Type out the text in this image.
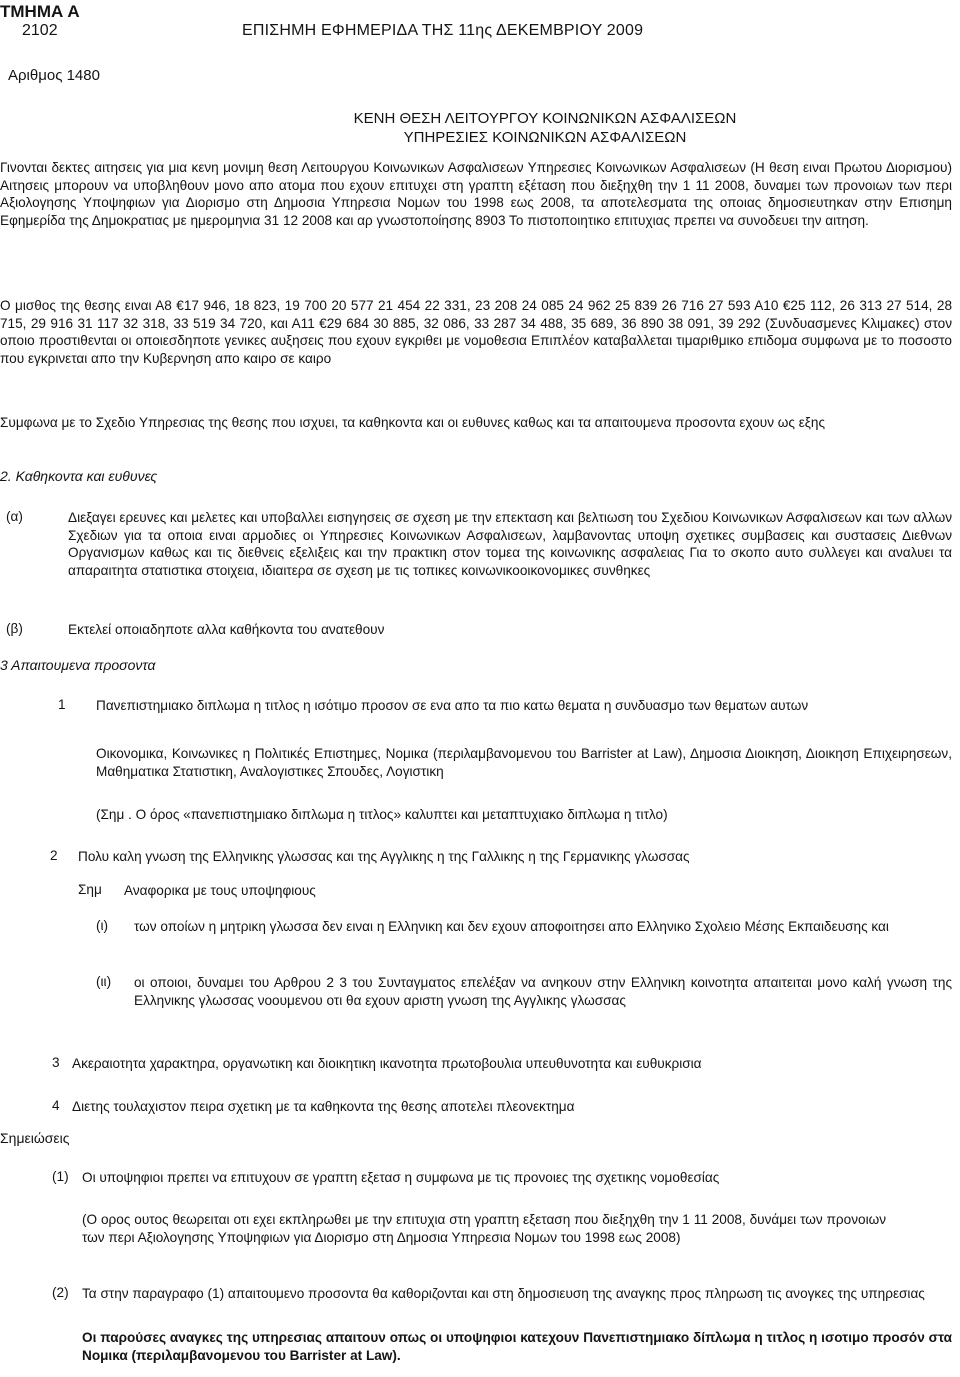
ΤΜΗΜΑ Α
2102	ΕΠΙΣΗΜΗ ΕΦΗΜΕΡΙΔΑ ΤΗΣ 11ης ΔΕΚΕΜΒΡΙΟΥ 2009
Αριθμος 1480
ΚΕΝΗ ΘΕΣΗ ΛΕΙΤΟΥΡΓΟΥ ΚΟΙΝΩΝΙΚΩΝ ΑΣΦΑΛΙΣΕΩΝ
ΥΠΗΡΕΣΙΕΣ ΚΟΙΝΩΝΙΚΩΝ ΑΣΦΑΛΙΣΕΩΝ
Γινονται δεκτες αιτησεις για μια κενη μονιμη θεση Λειτουργου Κοινωνικων Ασφαλισεων Υπηρεσιες Κοινωνικων Ασφαλισεων (Η θεση ειναι Πρωτου Διορισμου) Αιτησεις μπορουν να υποβληθουν μονο απο ατομα που εχουν επιτυχει στη γραπτη εξέταση που διεξηχθη την 1 11 2008, δυναμει των προνοιων των περι Αξιολογησης Υποψηφιων για Διορισμο στη Δημοσια Υπηρεσια Νομων του 1998 εως 2008, τα αποτελεσματα της οποιας δημοσιευτηκαν στην Επισημη Εφημερίδα της Δημοκρατιας με ημερομηνια 31 12 2008 και αρ γνωστοποίησης 8903 Το πιστοποιητικο επιτυχιας πρεπει να συνοδευει την αιτηση.
Ο μισθος της θεσης ειναι Α8 €17 946, 18 823, 19 700 20 577 21 454 22 331, 23 208 24 085 24 962 25 839 26 716 27 593 Α10 €25 112, 26 313 27 514, 28 715, 29 916 31 117 32 318, 33 519 34 720, και Α11 €29 684 30 885, 32 086, 33 287 34 488, 35 689, 36 890 38 091, 39 292 (Συνδυασμενες Κλιμακες) στον οποιο προστιθενται οι οποιεσδηποτε γενικες αυξησεις που εχουν εγκριθει με νομοθεσια Επιπλέον καταβαλλεται τιμαριθμικο επιδομα συμφωνα με το ποσοστο που εγκρινεται απο την Κυβερνηση απο καιρο σε καιρο
Συμφωνα με το Σχεδιο Υπηρεσιας της θεσης που ισχυει, τα καθηκοντα και οι ευθυνες καθως και τα απαιτουμενα προσοντα εχουν ως εξης
2. Καθηκοντα και ευθυνες
(α)	Διεξαγει ερευνες και μελετες και υποβαλλει εισηγησεις σε σχεση με την επεκταση και βελτιωση του Σχεδιου Κοινωνικων Ασφαλισεων και των αλλων Σχεδιων για τα οποια ειναι αρμοδιες οι Υπηρεσιες Κοινωνικων Ασφαλισεων, λαμβανοντας υποψη σχετικες συμβασεις και συστασεις Διεθνων Οργανισμων καθως και τις διεθνεις εξελιξεις και την πρακτικη στον τομεα της κοινωνικης ασφαλειας Για το σκοπο αυτο συλλεγει και αναλυει τα απαραιτητα στατιστικα στοιχεια, ιδιαιτερα σε σχεση με τις τοπικες κοινωνικοοικονομικες συνθηκες
(β)	Εκτελεί οποιαδηποτε αλλα καθήκοντα του ανατεθουν
3 Απαιτουμενα προσοντα
1 Πανεπιστημιακο διπλωμα η τιτλος η ισότιμο προσον σε ενα απο τα πιο κατω θεματα η συνδυασμο των θεματων αυτων
Οικονομικα, Κοινωνικες η Πολιτικές Επιστημες, Νομικα (περιλαμβανομενου του Barrister at Law), Δημοσια Διοικηση, Διοικηση Επιχειρησεων, Μαθηματικα Στατιστικη, Αναλογιστικες Σπουδες, Λογιστικη
(Σημ . Ο όρος «πανεπιστημιακο διπλωμα η τιτλος» καλυπτει και μεταπτυχιακο διπλωμα η τιτλο)
2 Πολυ καλη γνωση της Ελληνικης γλωσσας και της Αγγλικης η της Γαλλικης η της Γερμανικης γλωσσας
Σημ Αναφορικα με τους υποψηφιους
(ι) των οποίων η μητρικη γλωσσα δεν ειναι η Ελληνικη και δεν εχουν αποφοιτησει απο Ελληνικο Σχολειο Μέσης Εκπαιδευσης και
(ιι) οι οποιοι, δυναμει του Αρθρου 2 3 του Συνταγματος επελέξαν να ανηκουν στην Ελληνικη κοινοτητα απαιτειται μονο καλή γνωση της Ελληνικης γλωσσας νοουμενου οτι θα εχουν αριστη γνωση της Αγγλικης γλωσσας
3 Ακεραιοτητα χαρακτηρα, οργανωτικη και διοικητικη ικανοτητα πρωτοβουλια υπευθυνοτητα και ευθυκρισια
4 Διετης τουλαχιστον πειρα σχετικη με τα καθηκοντα της θεσης αποτελει πλεονεκτημα
Σημειώσεις
(1) Οι υποψηφιοι πρεπει να επιτυχουν σε γραπτη εξετασ η συμφωνα με τις προνοιες της σχετικης νομοθεσίας
(Ο ορος ουτος θεωρειται οτι εχει εκπληρωθει με την επιτυχια στη γραπτη εξεταση που διεξηχθη την 1 11 2008, δυνάμει των προνοιων των περι Αξιολογησης Υποψηφιων για Διορισμο στη Δημοσια Υπηρεσια Νομων του 1998 εως 2008)
(2) Τα στην παραγραφο (1) απαιτουμενο προσοντα θα καθοριζονται και στη δημοσιευση της αναγκης προς πληρωση τις ανογκες της υπηρεσιας
Οι παρούσες αναγκες της υπηρεσιας απαιτουν οπως οι υποψηφιοι κατεχουν Πανεπιστημιακο δίπλωμα η τιτλος η ισοτιμο προσόν στα Νομικα (περιλαμβανομενου του Barrister at Law).
